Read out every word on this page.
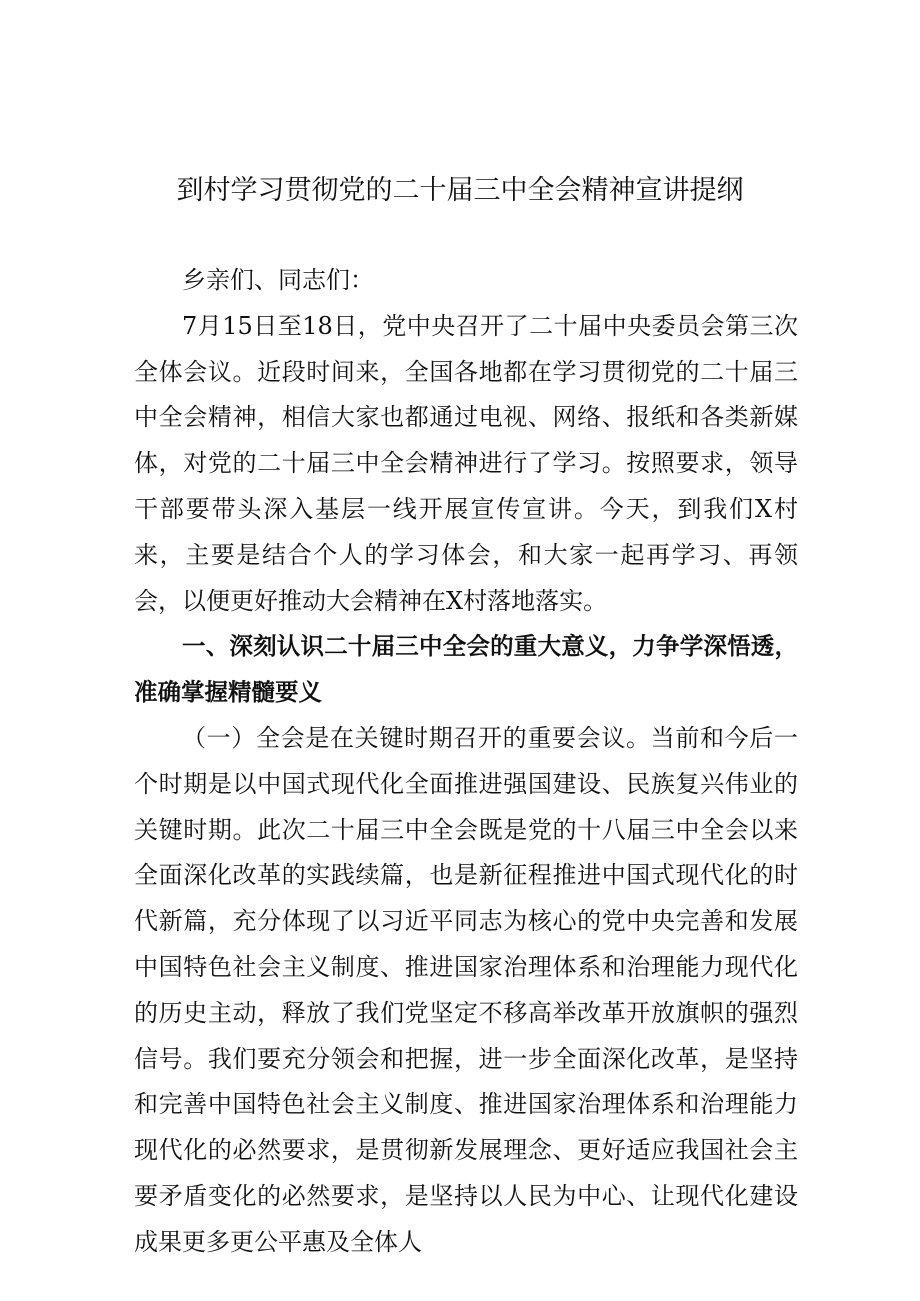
到村学习贯彻党的二十届三中全会精神宣讲提纲

乡亲们、同志们：

7月15日至18日，党中央召开了二十届中央委员会第三次全体会议。近段时间来，全国各地都在学习贯彻党的二十届三中全会精神，相信大家也都通过电视、网络、报纸和各类新媒体，对党的二十届三中全会精神进行了学习。按照要求，领导干部要带头深入基层一线开展宣传宣讲。今天，到我们X村来，主要是结合个人的学习体会，和大家一起再学习、再领会，以便更好推动大会精神在X村落地落实。

一、深刻认识二十届三中全会的重大意义，力争学深悟透，准确掌握精髓要义

（一）全会是在关键时期召开的重要会议。当前和今后一个时期是以中国式现代化全面推进强国建设、民族复兴伟业的关键时期。此次二十届三中全会既是党的十八届三中全会以来全面深化改革的实践续篇，也是新征程推进中国式现代化的时代新篇，充分体现了以习近平同志为核心的党中央完善和发展中国特色社会主义制度、推进国家治理体系和治理能力现代化的历史主动，释放了我们党坚定不移高举改革开放旗帜的强烈信号。我们要充分领会和把握，进一步全面深化改革，是坚持和完善中国特色社会主义制度、推进国家治理体系和治理能力现代化的必然要求，是贯彻新发展理念、更好适应我国社会主要矛盾变化的必然要求，是坚持以人民为中心、让现代化建设成果更多更公平惠及全体人
